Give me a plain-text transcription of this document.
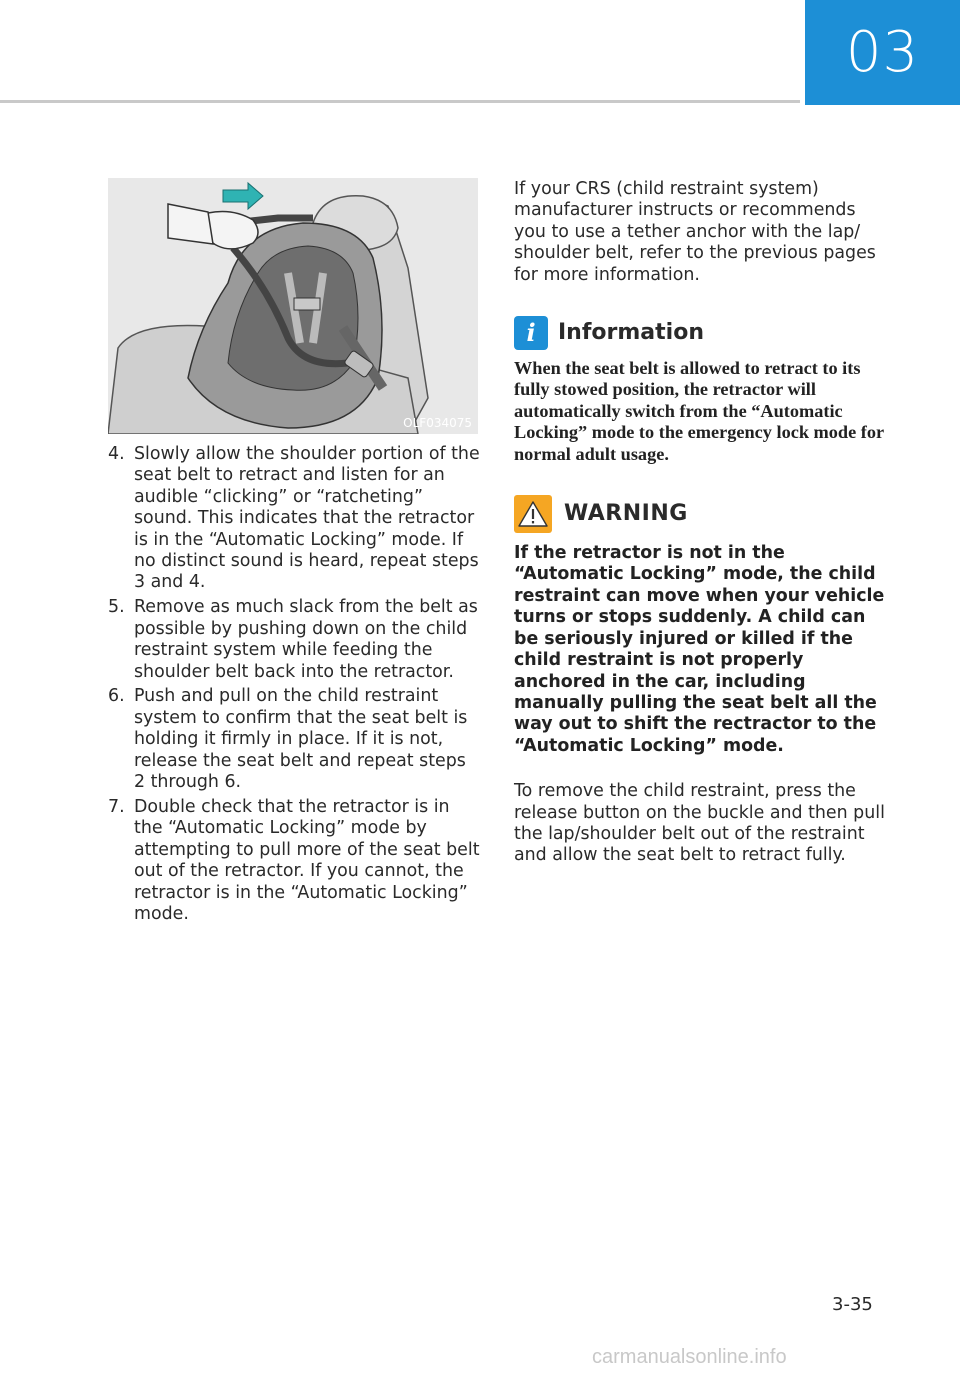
03
OLF034075
4. Slowly allow the shoulder portion of the seat belt to retract and listen for an audible “clicking” or “ratcheting” sound. This indicates that the retractor is in the “Automatic Locking” mode. If no distinct sound is heard, repeat steps 3 and 4.
5. Remove as much slack from the belt as possible by pushing down on the child restraint system while feeding the shoulder belt back into the retractor.
6. Push and pull on the child restraint system to confirm that the seat belt is holding it firmly in place. If it is not, release the seat belt and repeat steps 2 through 6.
7. Double check that the retractor is in the “Automatic Locking” mode by attempting to pull more of the seat belt out of the retractor. If you cannot, the retractor is in the “Automatic Locking” mode.

If your CRS (child restraint system) manufacturer instructs or recommends you to use a tether anchor with the lap/ shoulder belt, refer to the previous pages for more information.

i	Information

When the seat belt is allowed to retract to its fully stowed position, the retractor will automatically switch from the “Automatic Locking” mode to the emergency lock mode for normal adult usage.

WARNING

If the retractor is not in the “Automatic Locking” mode, the child restraint can move when your vehicle turns or stops suddenly. A child can be seriously injured or killed if the child restraint is not properly anchored in the car, including manually pulling the seat belt all the way out to shift the rectractor to the “Automatic Locking” mode.

To remove the child restraint, press the release button on the buckle and then pull the lap/shoulder belt out of the restraint and allow the seat belt to retract fully.

3-35
carmanualsonline.info
